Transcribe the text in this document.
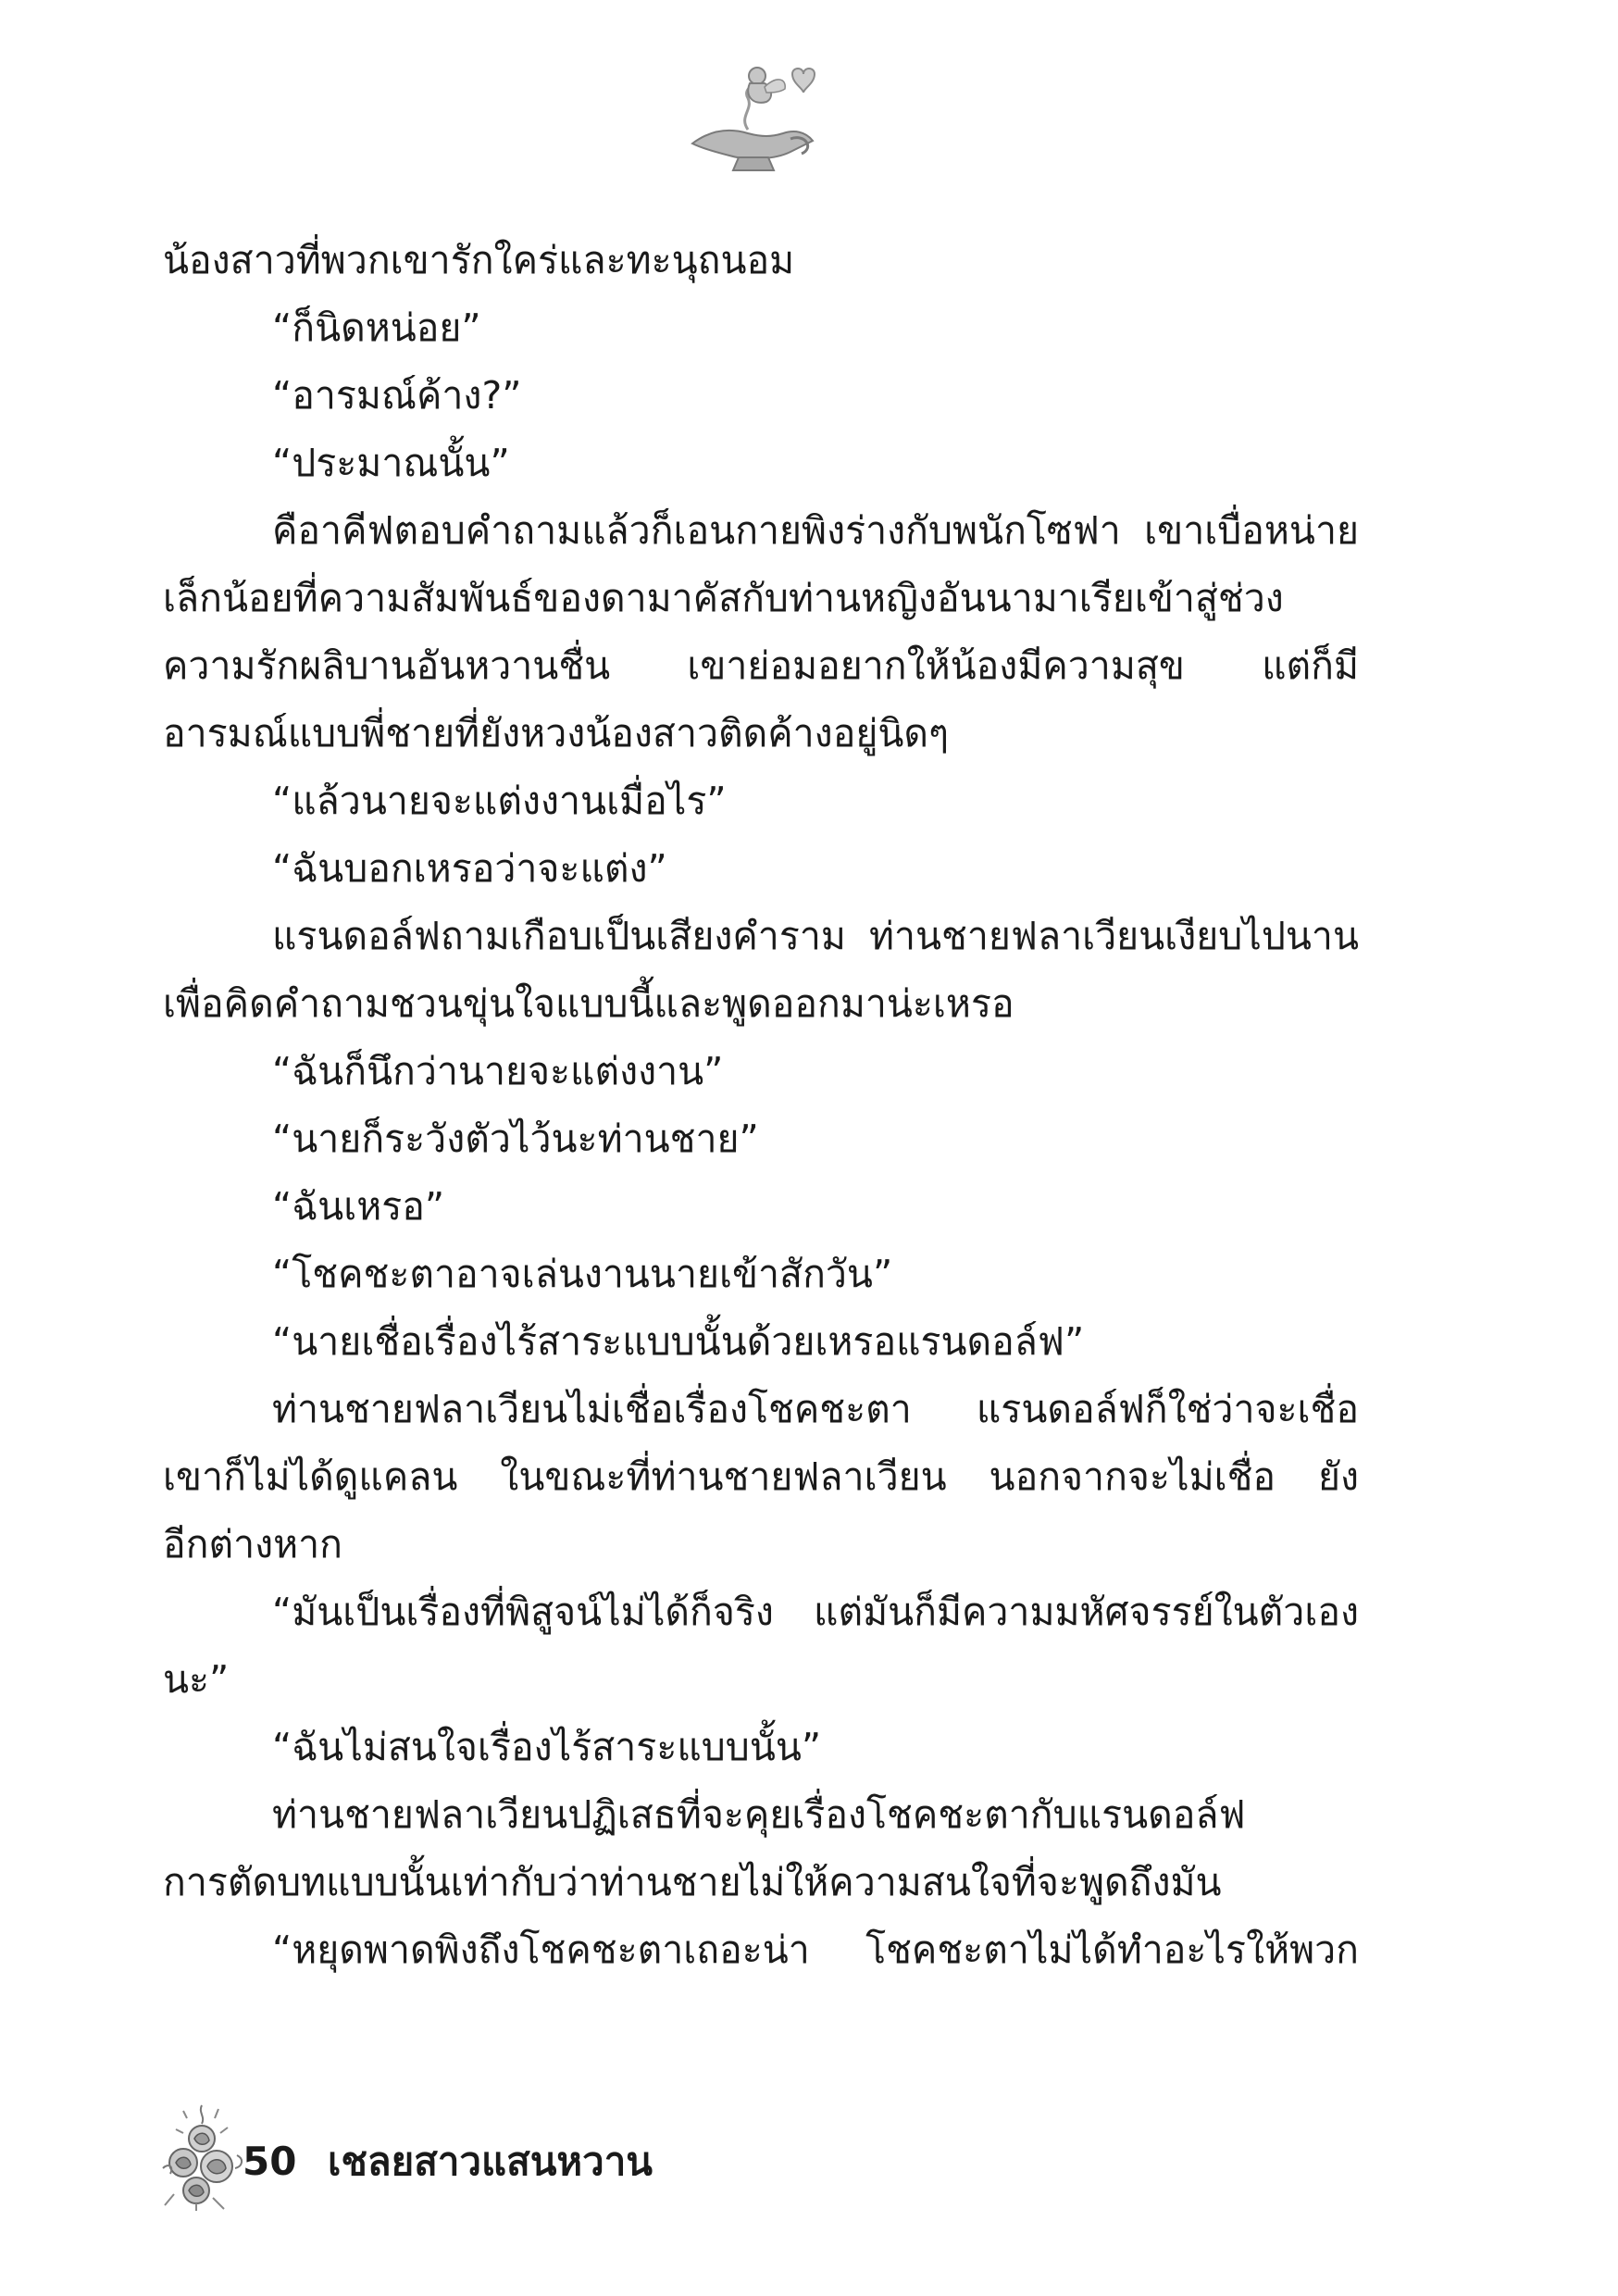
น้องสาวที่พวกเขารักใคร่และทะนุถนอม
“ก็นิดหน่อย”
“อารมณ์ค้าง?”
“ประมาณนั้น”
คือาคีฟตอบคำถามแล้วก็เอนกายพิงร่างกับพนักโซฟา เขาเบื่อหน่าย
เล็กน้อยที่ความสัมพันธ์ของดามาคัสกับท่านหญิงอันนามาเรียเข้าสู่ช่วง
ความรักผลิบานอันหวานชื่น เขาย่อมอยากให้น้องมีความสุข แต่ก็มี
อารมณ์แบบพี่ชายที่ยังหวงน้องสาวติดค้างอยู่นิดๆ
“แล้วนายจะแต่งงานเมื่อไร”
“ฉันบอกเหรอว่าจะแต่ง”
แรนดอล์ฟถามเกือบเป็นเสียงคำราม ท่านชายฟลาเวียนเงียบไปนาน
เพื่อคิดคำถามชวนขุ่นใจแบบนี้และพูดออกมาน่ะเหรอ
“ฉันก็นึกว่านายจะแต่งงาน”
“นายก็ระวังตัวไว้นะท่านชาย”
“ฉันเหรอ”
“โชคชะตาอาจเล่นงานนายเข้าสักวัน”
“นายเชื่อเรื่องไร้สาระแบบนั้นด้วยเหรอแรนดอล์ฟ”
ท่านชายฟลาเวียนไม่เชื่อเรื่องโชคชะตา แรนดอล์ฟก็ใช่ว่าจะเชื่อ
เขาก็ไม่ได้ดูแคลน ในขณะที่ท่านชายฟลาเวียน นอกจากจะไม่เชื่อ ยัง
อีกต่างหาก
“มันเป็นเรื่องที่พิสูจน์ไม่ได้ก็จริง แต่มันก็มีความมหัศจรรย์ในตัวเอง
นะ”
“ฉันไม่สนใจเรื่องไร้สาระแบบนั้น”
ท่านชายฟลาเวียนปฏิเสธที่จะคุยเรื่องโชคชะตากับแรนดอล์ฟ
การตัดบทแบบนั้นเท่ากับว่าท่านชายไม่ให้ความสนใจที่จะพูดถึงมัน
“หยุดพาดพิงถึงโชคชะตาเถอะน่า โชคชะตาไม่ได้ทำอะไรให้พวก
50 เชลยสาวแสนหวาน
